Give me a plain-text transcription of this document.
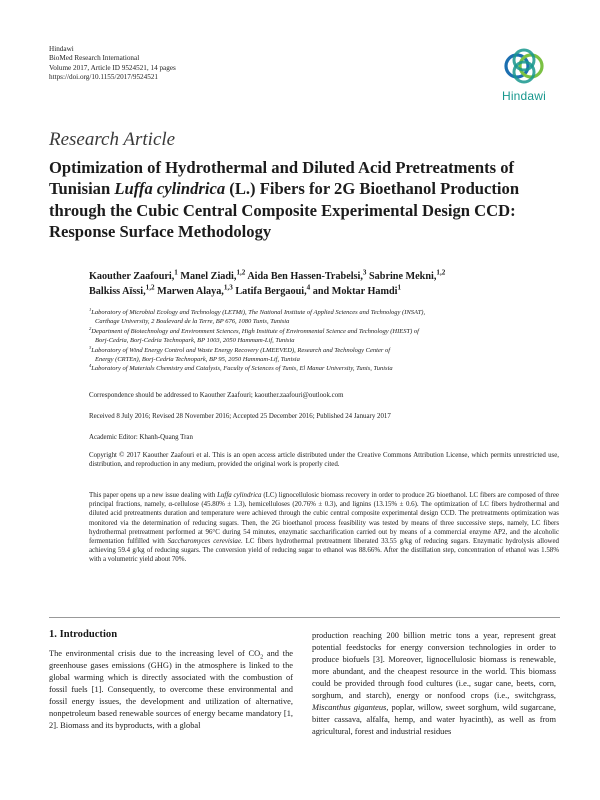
Hindawi
BioMed Research International
Volume 2017, Article ID 9524521, 14 pages
https://doi.org/10.1155/2017/9524521
Hindawi
Research Article
Optimization of Hydrothermal and Diluted Acid Pretreatments of Tunisian Luffa cylindrica (L.) Fibers for 2G Bioethanol Production through the Cubic Central Composite Experimental Design CCD: Response Surface Methodology
Kaouther Zaafouri,$^1$ Manel Ziadi,$^{1,2}$ Aida Ben Hassen-Trabelsi,$^3$ Sabrine Mekni,$^{1,2}$
Balkiss Aïssi,$^{1,2}$ Marwen Alaya,$^{1,3}$ Latifa Bergaoui,$^4$ and Moktar Hamdi$^1$
$^1$Laboratory of Microbial Ecology and Technology (LETMi), The National Institute of Applied Sciences and Technology (INSAT),
Carthage University, 2 Boulevard de la Terre, BP 676, 1080 Tunis, Tunisia
$^2$Department of Biotechnology and Environment Sciences, High Institute of Environmental Science and Technology (HIEST) of
Borj-Cedria, Borj-Cedria Technopark, BP 1003, 2050 Hammam-Lif, Tunisia
$^3$Laboratory of Wind Energy Control and Waste Energy Recovery (LMEEVED), Research and Technology Center of
Energy (CRTEn), Borj-Cedria Technopark, BP 95, 2050 Hammam-Lif, Tunisia
$^4$Laboratory of Materials Chemistry and Catalysis, Faculty of Sciences of Tunis, El Manar University, Tunis, Tunisia
Correspondence should be addressed to Kaouther Zaafouri; kaouther.zaafouri@outlook.com
Received 8 July 2016; Revised 28 November 2016; Accepted 25 December 2016; Published 24 January 2017
Academic Editor: Khanh-Quang Tran
Copyright © 2017 Kaouther Zaafouri et al. This is an open access article distributed under the Creative Commons Attribution License, which permits unrestricted use, distribution, and reproduction in any medium, provided the original work is properly cited.
This paper opens up a new issue dealing with Luffa cylindrica (LC) lignocellulosic biomass recovery in order to produce 2G bioethanol. LC fibers are composed of three principal fractions, namely, α-cellulose (45.80% ± 1.3), hemicelluloses (20.76% ± 0.3), and lignins (13.15% ± 0.6). The optimization of LC fibers hydrothermal and diluted acid pretreatments duration and temperature were achieved through the cubic central composite experimental design CCD. The pretreatments optimization was monitored via the determination of reducing sugars. Then, the 2G bioethanol process feasibility was tested by means of three successive steps, namely, LC fibers hydrothermal pretreatment performed at 96°C during 54 minutes, enzymatic saccharification carried out by means of a commercial enzyme AP2, and the alcoholic fermentation fulfilled with Saccharomyces cerevisiae. LC fibers hydrothermal pretreatment liberated 33.55 g/kg of reducing sugars. Enzymatic hydrolysis allowed achieving 59.4 g/kg of reducing sugars. The conversion yield of reducing sugar to ethanol was 88.66%. After the distillation step, concentration of ethanol was 1.58% with a volumetric yield about 70%.
1. Introduction
The environmental crisis due to the increasing level of $CO_2$ and the greenhouse gases emissions (GHG) in the atmosphere is linked to the global warming which is directly associated with the combustion of fossil fuels [1]. Consequently, to overcome these environmental and fossil energy issues, the development and utilization of alternative, nonpetroleum based renewable sources of energy became mandatory [1, 2]. Biomass and its byproducts, with a global
production reaching 200 billion metric tons a year, represent great potential feedstocks for energy conversion technologies in order to produce biofuels [3]. Moreover, lignocellulosic biomass is renewable, more abundant, and the cheapest resource in the world. This biomass could be provided through food cultures (i.e., sugar cane, beets, corn, sorghum, and starch), energy or nonfood crops (i.e., switchgrass, Miscanthus giganteus, poplar, willow, sweet sorghum, wild sugarcane, bitter cassava, alfalfa, hemp, and water hyacinth), as well as from agricultural, forest and industrial residues
